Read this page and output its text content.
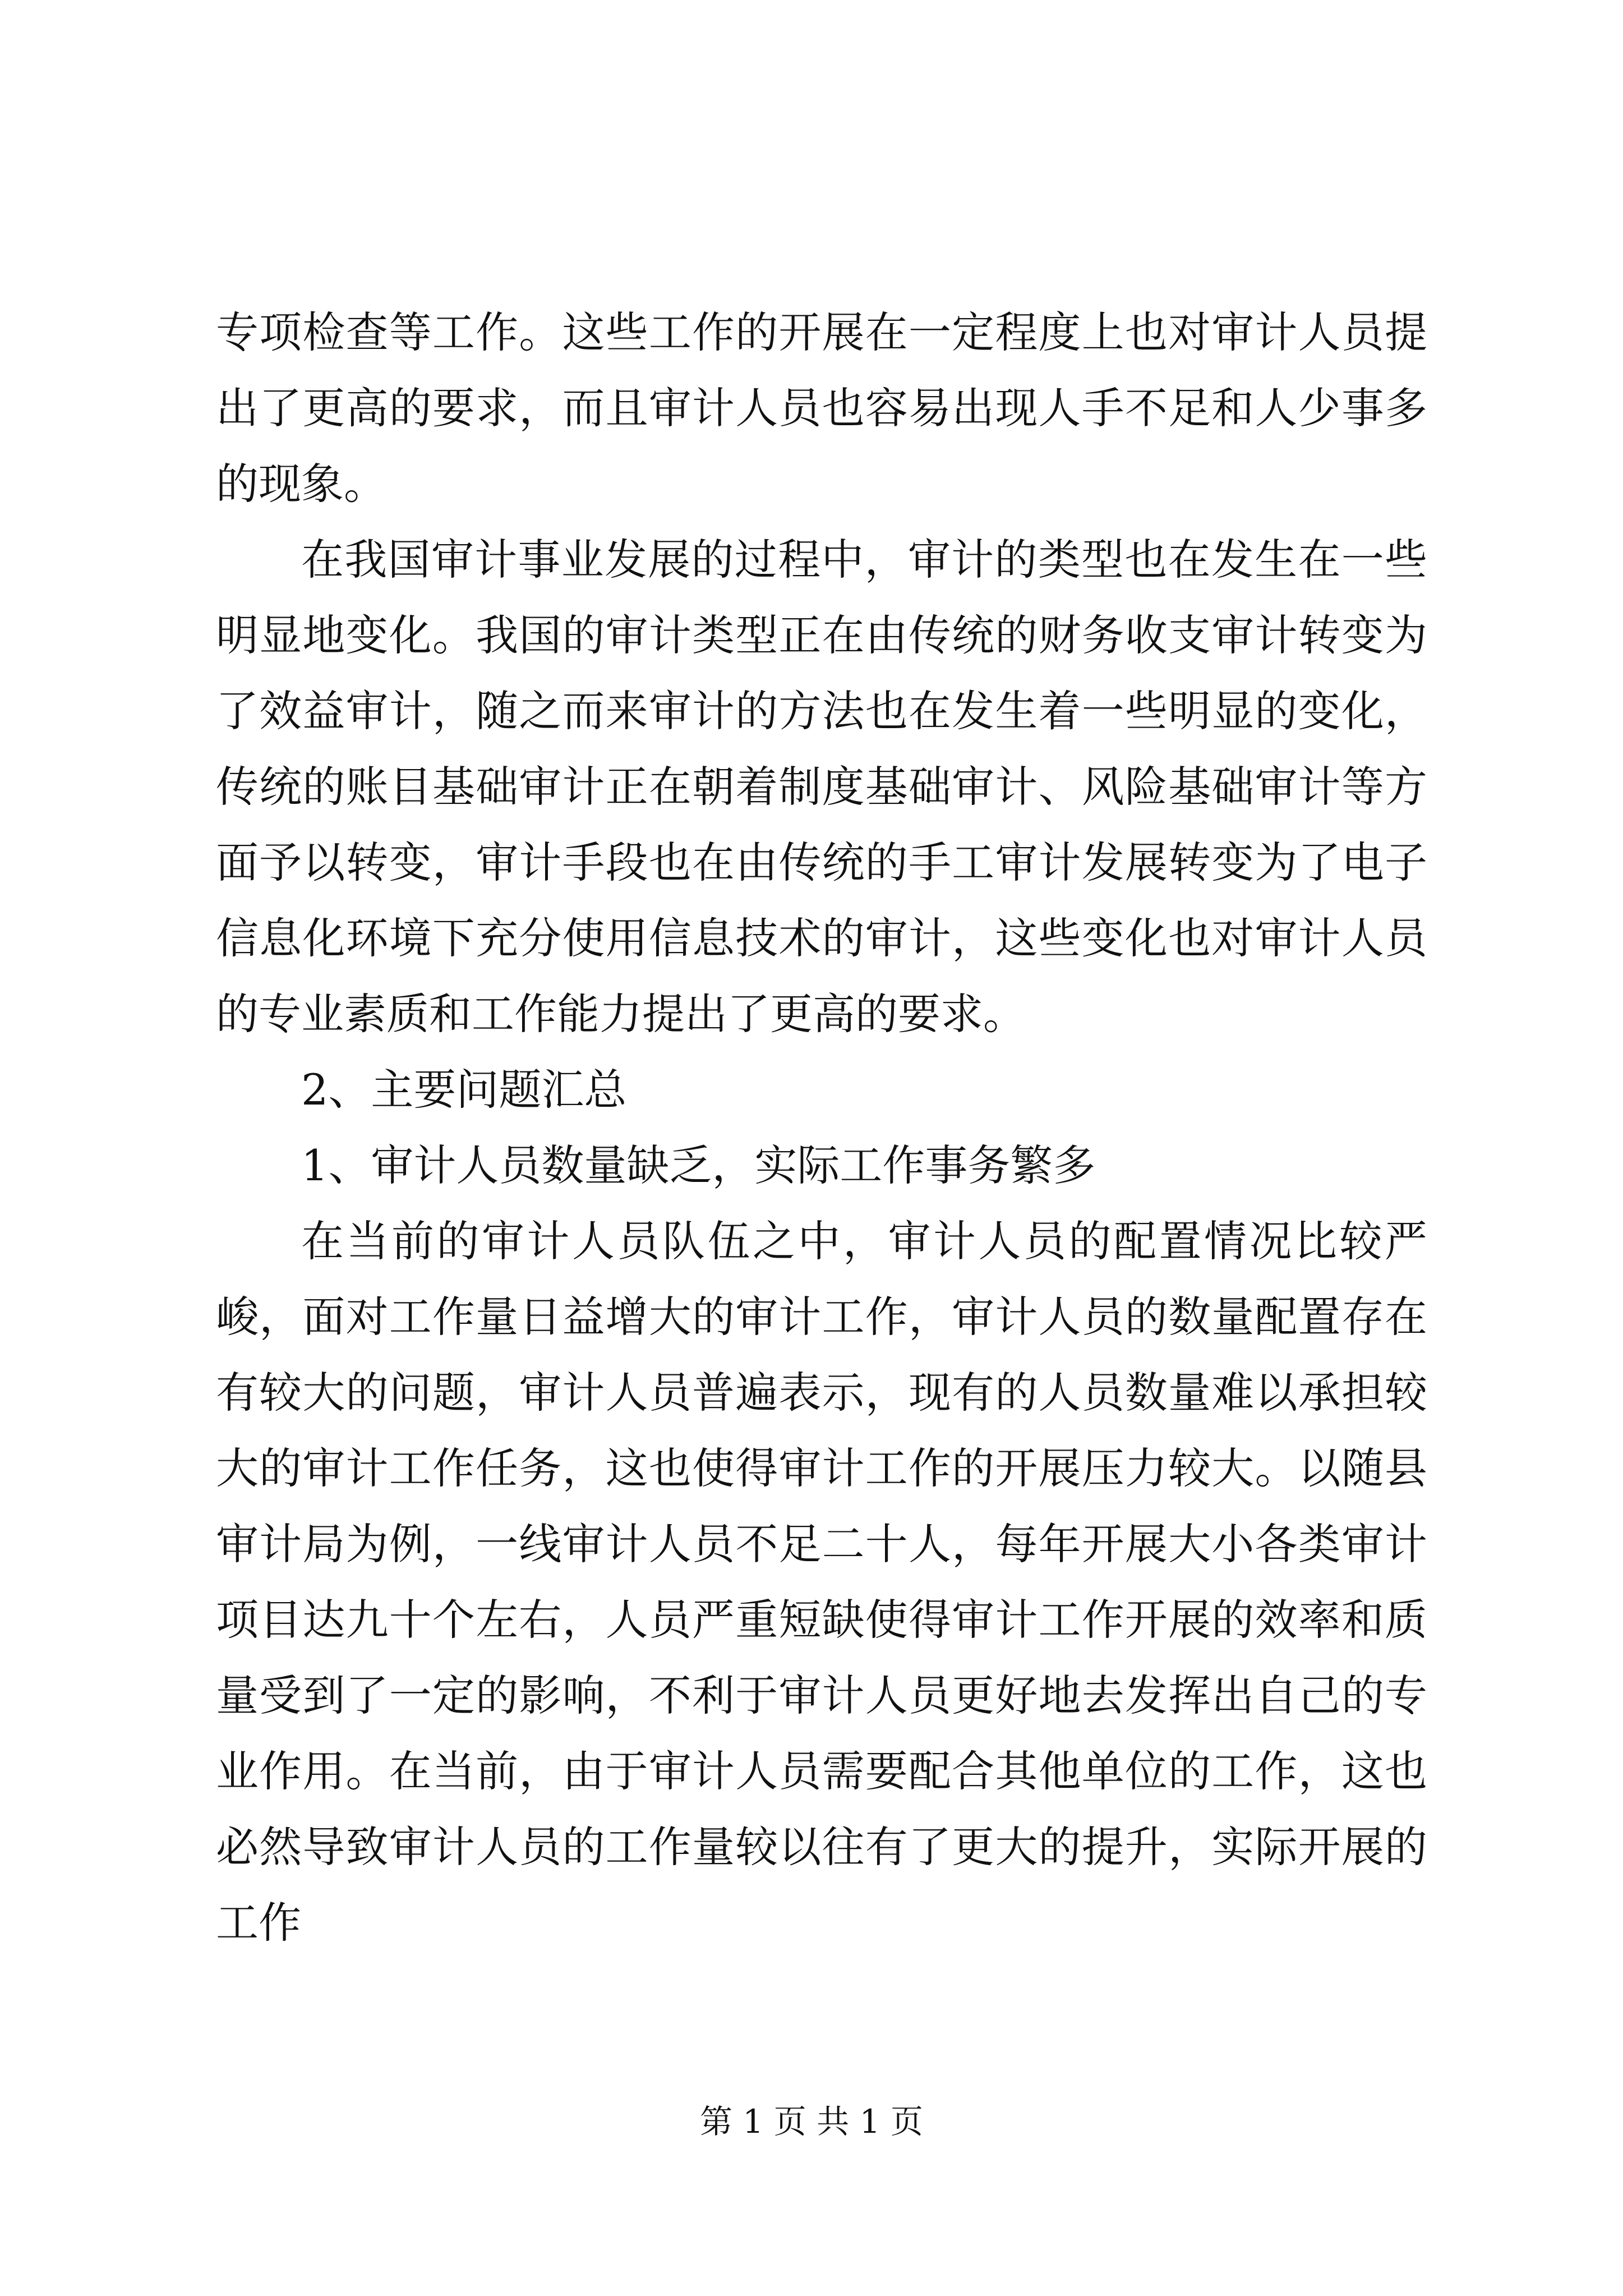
专项检查等工作。这些工作的开展在一定程度上也对审计人员提出了更高的要求，而且审计人员也容易出现人手不足和人少事多的现象。

在我国审计事业发展的过程中，审计的类型也在发生在一些明显地变化。我国的审计类型正在由传统的财务收支审计转变为了效益审计，随之而来审计的方法也在发生着一些明显的变化，传统的账目基础审计正在朝着制度基础审计、风险基础审计等方面予以转变，审计手段也在由传统的手工审计发展转变为了电子信息化环境下充分使用信息技术的审计，这些变化也对审计人员的专业素质和工作能力提出了更高的要求。

2、主要问题汇总

1、审计人员数量缺乏，实际工作事务繁多

在当前的审计人员队伍之中，审计人员的配置情况比较严峻，面对工作量日益增大的审计工作，审计人员的数量配置存在有较大的问题，审计人员普遍表示，现有的人员数量难以承担较大的审计工作任务，这也使得审计工作的开展压力较大。以随县审计局为例，一线审计人员不足二十人，每年开展大小各类审计项目达九十个左右，人员严重短缺使得审计工作开展的效率和质量受到了一定的影响，不利于审计人员更好地去发挥出自己的专业作用。在当前，由于审计人员需要配合其他单位的工作，这也必然导致审计人员的工作量较以往有了更大的提升，实际开展的工作

第 1 页 共 1 页
